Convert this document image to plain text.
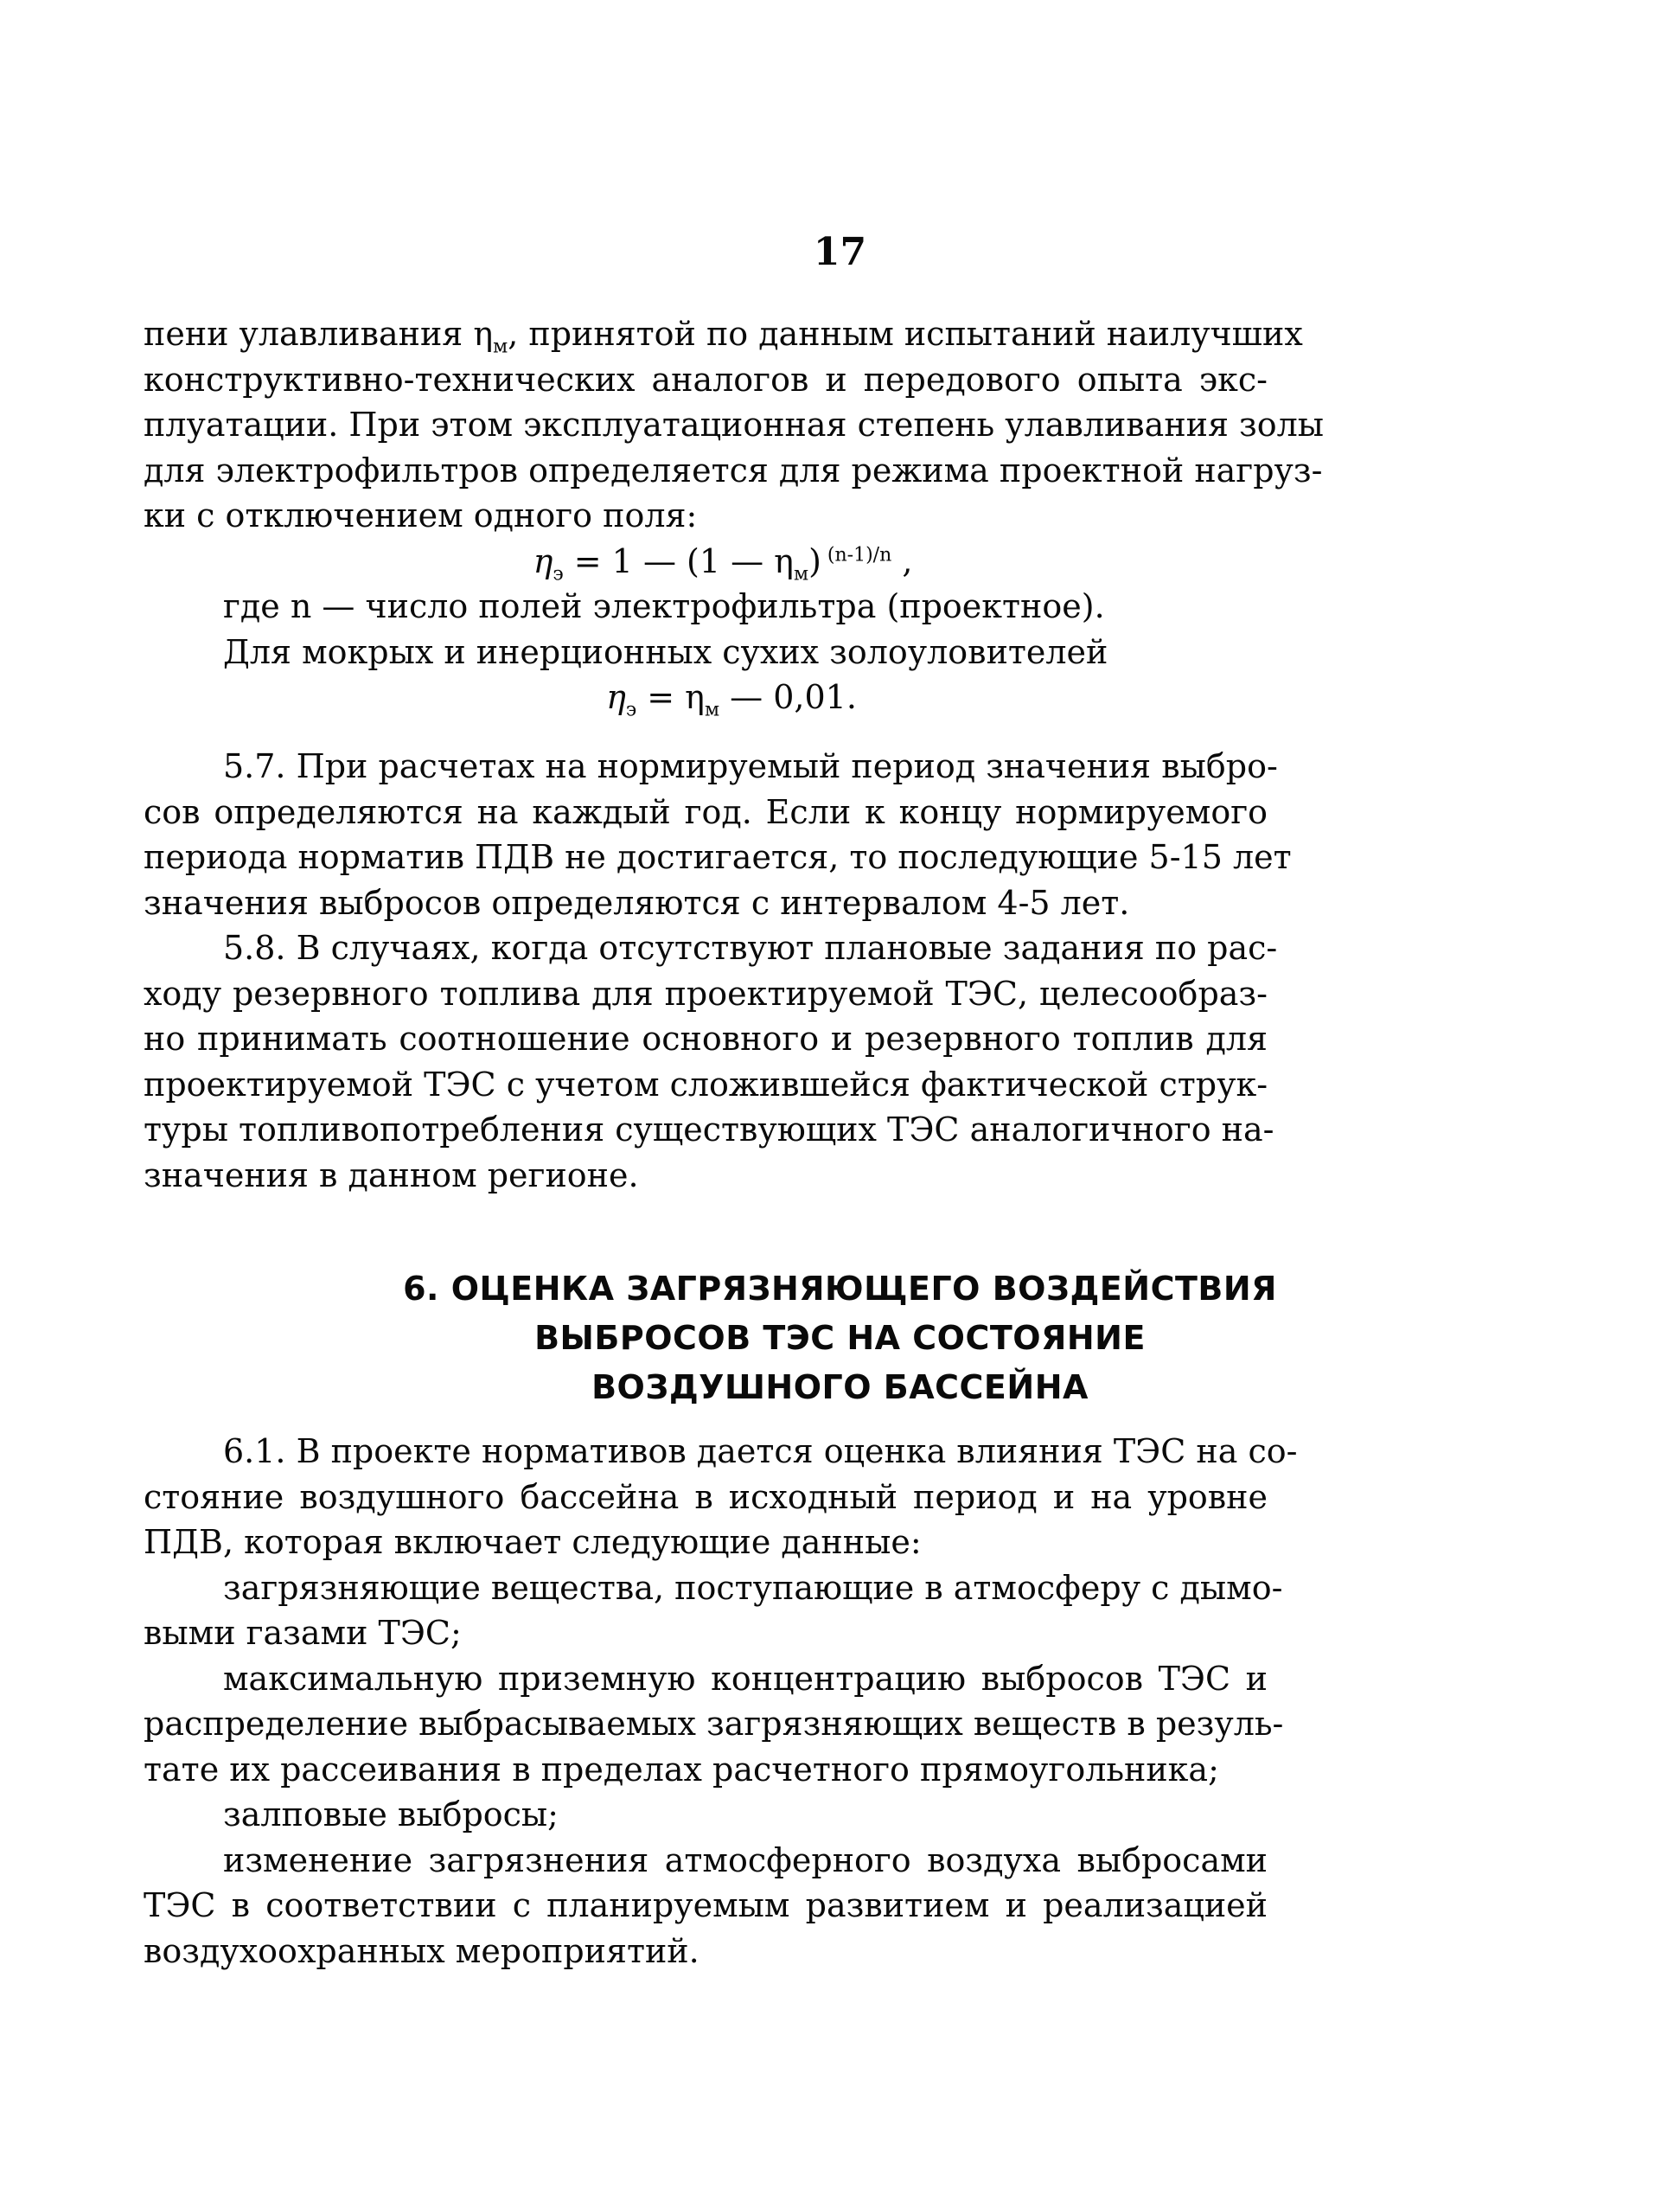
17
пени улавливания $\eta_м$, принятой по данным испытаний наилучших
конструктивно-технических аналогов и передового опыта экс-
плуатации. При этом эксплуатационная степень улавливания золы
для электрофильтров определяется для режима проектной нагруз-
ки с отключением одного поля:
$\eta_э = 1$ — (1 — $\eta_м$) $^{(n-1)/n}$ ,
где n — число полей электрофильтра (проектное).
Для мокрых и инерционных сухих золоуловителей
$\eta_э = \eta_м$ — 0,01.
5.7. При расчетах на нормируемый период значения выбро-
сов определяются на каждый год. Если к концу нормируемого
периода норматив ПДВ не достигается, то последующие 5-15 лет
значения выбросов определяются с интервалом 4-5 лет.
5.8. В случаях, когда отсутствуют плановые задания по рас-
ходу резервного топлива для проектируемой ТЭС, целесообраз-
но принимать соотношение основного и резервного топлив для
проектируемой ТЭС с учетом сложившейся фактической струк-
туры топливопотребления существующих ТЭС аналогичного на-
значения в данном регионе.
6. ОЦЕНКА ЗАГРЯЗНЯЮЩЕГО ВОЗДЕЙСТВИЯ
ВЫБРОСОВ ТЭС НА СОСТОЯНИЕ
ВОЗДУШНОГО БАССЕЙНА
6.1. В проекте нормативов дается оценка влияния ТЭС на со-
стояние воздушного бассейна в исходный период и на уровне
ПДВ, которая включает следующие данные:
загрязняющие вещества, поступающие в атмосферу с дымо-
выми газами ТЭС;
максимальную приземную концентрацию выбросов ТЭС и
распределение выбрасываемых загрязняющих веществ в резуль-
тате их рассеивания в пределах расчетного прямоугольника;
залповые выбросы;
изменение загрязнения атмосферного воздуха выбросами
ТЭС в соответствии с планируемым развитием и реализацией
воздухоохранных мероприятий.
